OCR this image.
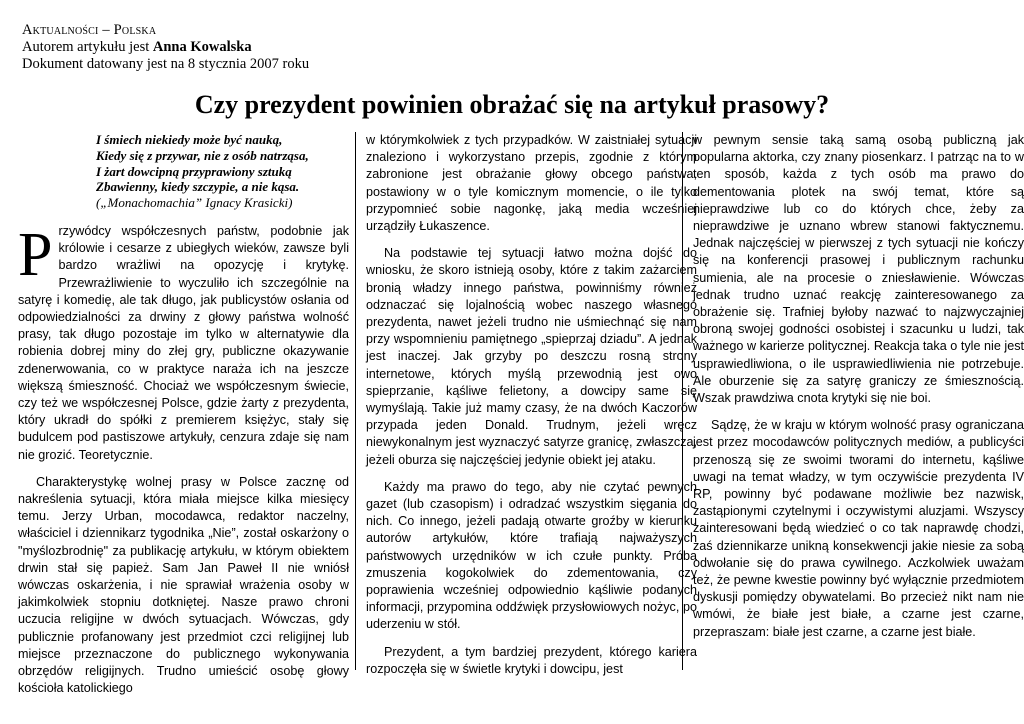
Aktualności – Polska
Autorem artykułu jest Anna Kowalska
Dokument datowany jest na 8 stycznia 2007 roku
Czy prezydent powinien obrażać się na artykuł prasowy?
I śmiech niekiedy może być nauką,
Kiedy się z przywar, nie z osób natrząsa,
I żart dowcipną przyprawiony sztuką
Zbawienny, kiedy szczypie, a nie kąsa.
(„Monachomachia” Ignacy Krasicki)

Przywódcy współczesnych państw, podobnie jak królowie i cesarze z ubiegłych wieków, zawsze byli bardzo wrażliwi na opozycję i krytykę. Przewrażliwienie to wyczuliło ich szczególnie na satyrę i komedię, ale tak długo, jak publicystów osłania od odpowiedzialności za drwiny z głowy państwa wolność prasy, tak długo pozostaje im tylko w alternatywie dla robienia dobrej miny do złej gry, publiczne okazywanie zdenerwowania, co w praktyce naraża ich na jeszcze większą śmieszność. Chociaż we współczesnym świecie, czy też we współczesnej Polsce, gdzie żarty z prezydenta, który ukradł do spółki z premierem księżyc, stały się budulcem pod pastiszowe artykuły, cenzura zdaje się nam nie grozić. Teoretycznie.

Charakterystykę wolnej prasy w Polsce zacznę od nakreślenia sytuacji, która miała miejsce kilka miesięcy temu. Jerzy Urban, mocodawca, redaktor naczelny, właściciel i dziennikarz tygodnika „Nie”, został oskarżony o "myślozbrodnię" za publikację artykułu, w którym obiektem drwin stał się papież. Sam Jan Paweł II nie wniósł wówczas oskarżenia, i nie sprawiał wrażenia osoby w jakimkolwiek stopniu dotkniętej. Nasze prawo chroni uczucia religijne w dwóch sytuacjach. Wówczas, gdy publicznie profanowany jest przedmiot czci religijnej lub miejsce przeznaczone do publicznego wykonywania obrzędów religijnych. Trudno umieścić osobę głowy kościoła katolickiego

w którymkolwiek z tych przypadków. W zaistniałej sytuacji znaleziono i wykorzystano przepis, zgodnie z którym zabronione jest obrażanie głowy obcego państwa, postawiony w o tyle komicznym momencie, o ile tylko przypomnieć sobie nagonkę, jaką media wcześniej urządziły Łukaszence.

Na podstawie tej sytuacji łatwo można dojść do wniosku, że skoro istnieją osoby, które z takim zażarciem bronią władzy innego państwa, powinniśmy również odznaczać się lojalnością wobec naszego własnego prezydenta, nawet jeżeli trudno nie uśmiechnąć się nam przy wspomnieniu pamiętnego „spieprzaj dziadu”. A jednak jest inaczej. Jak grzyby po deszczu rosną strony internetowe, których myślą przewodnią jest owo spieprzanie, kąśliwe felietony, a dowcipy same się wymyślają. Takie już mamy czasy, że na dwóch Kaczorów przypada jeden Donald. Trudnym, jeżeli wręcz niewykonalnym jest wyznaczyć satyrze granicę, zwłaszcza, jeżeli oburza się najczęściej jedynie obiekt jej ataku.

Każdy ma prawo do tego, aby nie czytać pewnych gazet (lub czasopism) i odradzać wszystkim sięgania do nich. Co innego, jeżeli padają otwarte groźby w kierunku autorów artykułów, które trafiają najważyszych państwowych urzędników w ich czułe punkty. Próba zmuszenia kogokolwiek do zdementowania, czy poprawienia wcześniej odpowiednio kąśliwie podanych informacji, przypomina oddźwięk przysłowiowych nożyc, po uderzeniu w stół.

Prezydent, a tym bardziej prezydent, którego kariera rozpoczęła się w świetle krytyki i dowcipu, jest

w pewnym sensie taką samą osobą publiczną jak popularna aktorka, czy znany piosenkarz. I patrząc na to w ten sposób, każda z tych osób ma prawo do dementowania plotek na swój temat, które są nieprawdziwe lub co do których chce, żeby za nieprawdziwe je uznano wbrew stanowi faktycznemu. Jednak najczęściej w pierwszej z tych sytuacji nie kończy się na konferencji prasowej i publicznym rachunku sumienia, ale na procesie o zniesławienie. Wówczas jednak trudno uznać reakcję zainteresowanego za obrażenie się. Trafniej byłoby nazwać to najzwyczajniej obroną swojej godności osobistej i szacunku u ludzi, tak ważnego w karierze politycznej. Reakcja taka o tyle nie jest usprawiedliwiona, o ile usprawiedliwienia nie potrzebuje. Ale oburzenie się za satyrę graniczy ze śmiesznością. Wszak prawdziwa cnota krytyki się nie boi.

Sądzę, że w kraju w którym wolność prasy ograniczana jest przez mocodawców politycznych mediów, a publicyści przenoszą się ze swoimi tworami do internetu, kąśliwe uwagi na temat władzy, w tym oczywiście prezydenta IV RP, powinny być podawane możliwie bez nazwisk, zastąpionymi czytelnymi i oczywistymi aluzjami. Wszyscy zainteresowani będą wiedzieć o co tak naprawdę chodzi, zaś dziennikarze unikną konsekwencji jakie niesie za sobą odwołanie się do prawa cywilnego. Aczkolwiek uważam też, że pewne kwestie powinny być wyłącznie przedmiotem dyskusji pomiędzy obywatelami. Bo przecież nikt nam nie wmówi, że białe jest białe, a czarne jest czarne, przepraszam: białe jest czarne, a czarne jest białe.
